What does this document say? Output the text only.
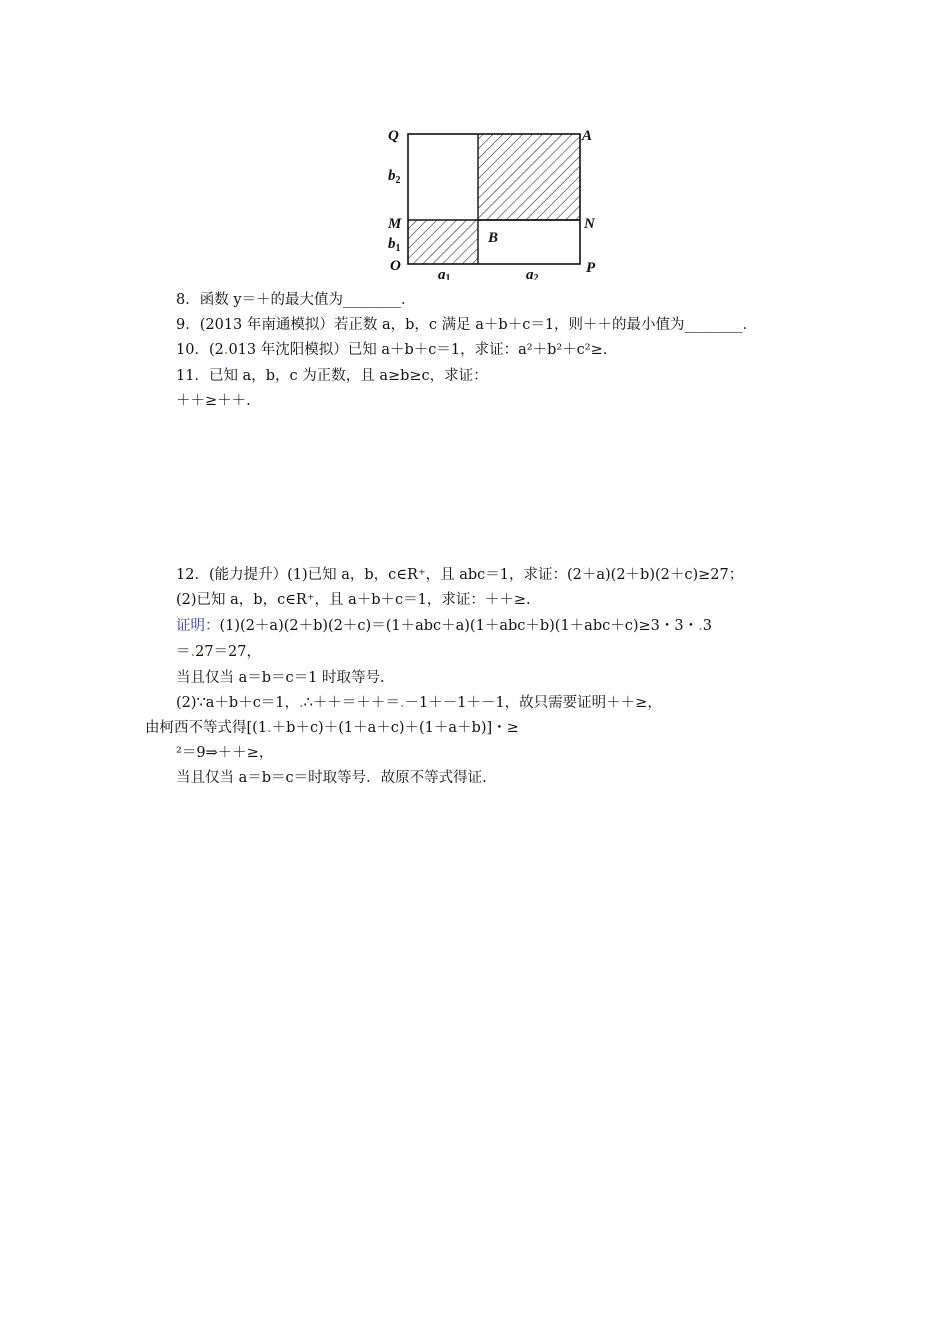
Q	A
M	N
O	P
B
$b_2$
$b_1$
a1	a2
8．函数 y＝＋的最大值为________．
9．(2013 年南通模拟）若正数 a，b，c 满足 a＋b＋c＝1，则＋＋的最小值为________．
10．(2.013 年沈阳模拟）已知 a＋b＋c＝1，求证：a²＋b²＋c²≥.
11．已知 a，b，c 为正数，且 a≥b≥c，求证：
＋＋≥＋＋.
12．(能力提升）(1)已知 a，b，c∈R⁺，且 abc＝1，求证：(2＋a)(2＋b)(2＋c)≥27；
(2)已知 a，b，c∈R⁺，且 a＋b＋c＝1，求证：＋＋≥.
证明：(1)(2＋a)(2＋b)(2＋c)＝(1＋abc＋a)(1＋abc＋b)(1＋abc＋c)≥3・3・.3
＝.27＝27，
当且仅当 a＝b＝c＝1 时取等号.
(2)∵a＋b＋c＝1，.∴＋＋＝＋＋＝.－1＋－1＋－1，故只需要证明＋＋≥，
由柯西不等式得[(1.＋b＋c)＋(1＋a＋c)＋(1＋a＋b)]・≥
²＝9⇒＋＋≥，
当且仅当 a＝b＝c＝时取等号．故原不等式得证.
